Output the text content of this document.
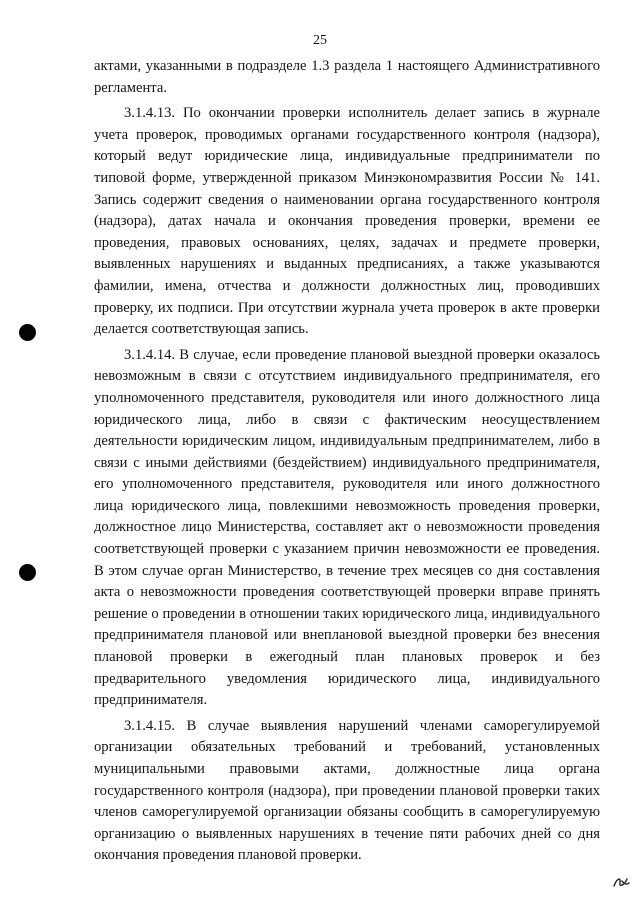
25

актами, указанными в подразделе 1.3 раздела 1 настоящего Административного регламента.

3.1.4.13. По окончании проверки исполнитель делает запись в журнале учета проверок, проводимых органами государственного контроля (надзора), который ведут юридические лица, индивидуальные предприниматели по типовой форме, утвержденной приказом Минэкономразвития России № 141. Запись содержит сведения о наименовании органа государственного контроля (надзора), датах начала и окончания проведения проверки, времени ее проведения, правовых основаниях, целях, задачах и предмете проверки, выявленных нарушениях и выданных предписаниях, а также указываются фамилии, имена, отчества и должности должностных лиц, проводивших проверку, их подписи. При отсутствии журнала учета проверок в акте проверки делается соответствующая запись.

3.1.4.14. В случае, если проведение плановой выездной проверки оказалось невозможным в связи с отсутствием индивидуального предпринимателя, его уполномоченного представителя, руководителя или иного должностного лица юридического лица, либо в связи с фактическим неосуществлением деятельности юридическим лицом, индивидуальным предпринимателем, либо в связи с иными действиями (бездействием) индивидуального предпринимателя, его уполномоченного представителя, руководителя или иного должностного лица юридического лица, повлекшими невозможность проведения проверки, должностное лицо Министерства, составляет акт о невозможности проведения соответствующей проверки с указанием причин невозможности ее проведения. В этом случае орган Министерство, в течение трех месяцев со дня составления акта о невозможности проведения соответствующей проверки вправе принять решение о проведении в отношении таких юридического лица, индивидуального предпринимателя плановой или внеплановой выездной проверки без внесения плановой проверки в ежегодный план плановых проверок и без предварительного уведомления юридического лица, индивидуального предпринимателя.

3.1.4.15. В случае выявления нарушений членами саморегулируемой организации обязательных требований и требований, установленных муниципальными правовыми актами, должностные лица органа государственного контроля (надзора), при проведении плановой проверки таких членов саморегулируемой организации обязаны сообщить в саморегулируемую организацию о выявленных нарушениях в течение пяти рабочих дней со дня окончания проведения плановой проверки.
